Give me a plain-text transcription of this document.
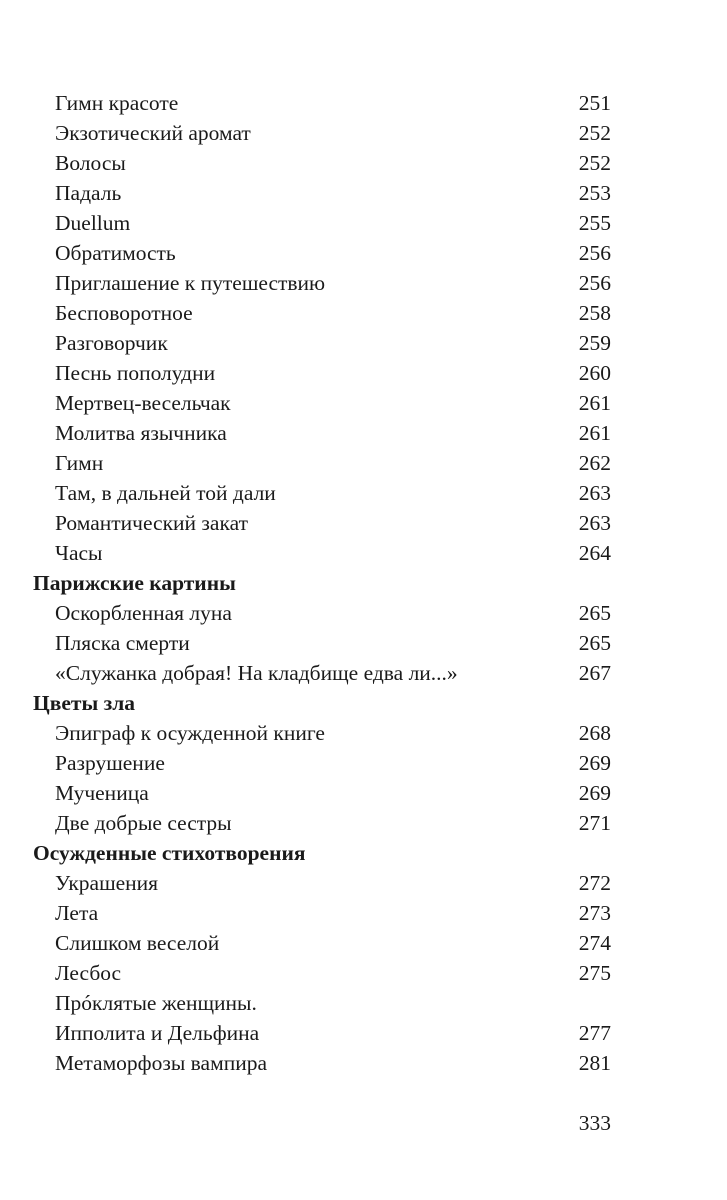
Гимн красоте	251
Экзотический аромат	252
Волосы	252
Падаль	253
Duellum	255
Обратимость	256
Приглашение к путешествию	256
Бесповоротное	258
Разговорчик	259
Песнь пополудни	260
Мертвец-весельчак	261
Молитва язычника	261
Гимн	262
Там, в дальней той дали	263
Романтический закат	263
Часы	264
Парижские картины
Оскорбленная луна	265
Пляска смерти	265
«Служанка добрая! На кладбище едва ли...»	267
Цветы зла
Эпиграф к осужденной книге	268
Разрушение	269
Мученица	269
Две добрые сестры	271
Осужденные стихотворения
Украшения	272
Лета	273
Слишком веселой	274
Лесбос	275
Прóклятые женщины.
Ипполита и Дельфина	277
Метаморфозы вампира	281
333
